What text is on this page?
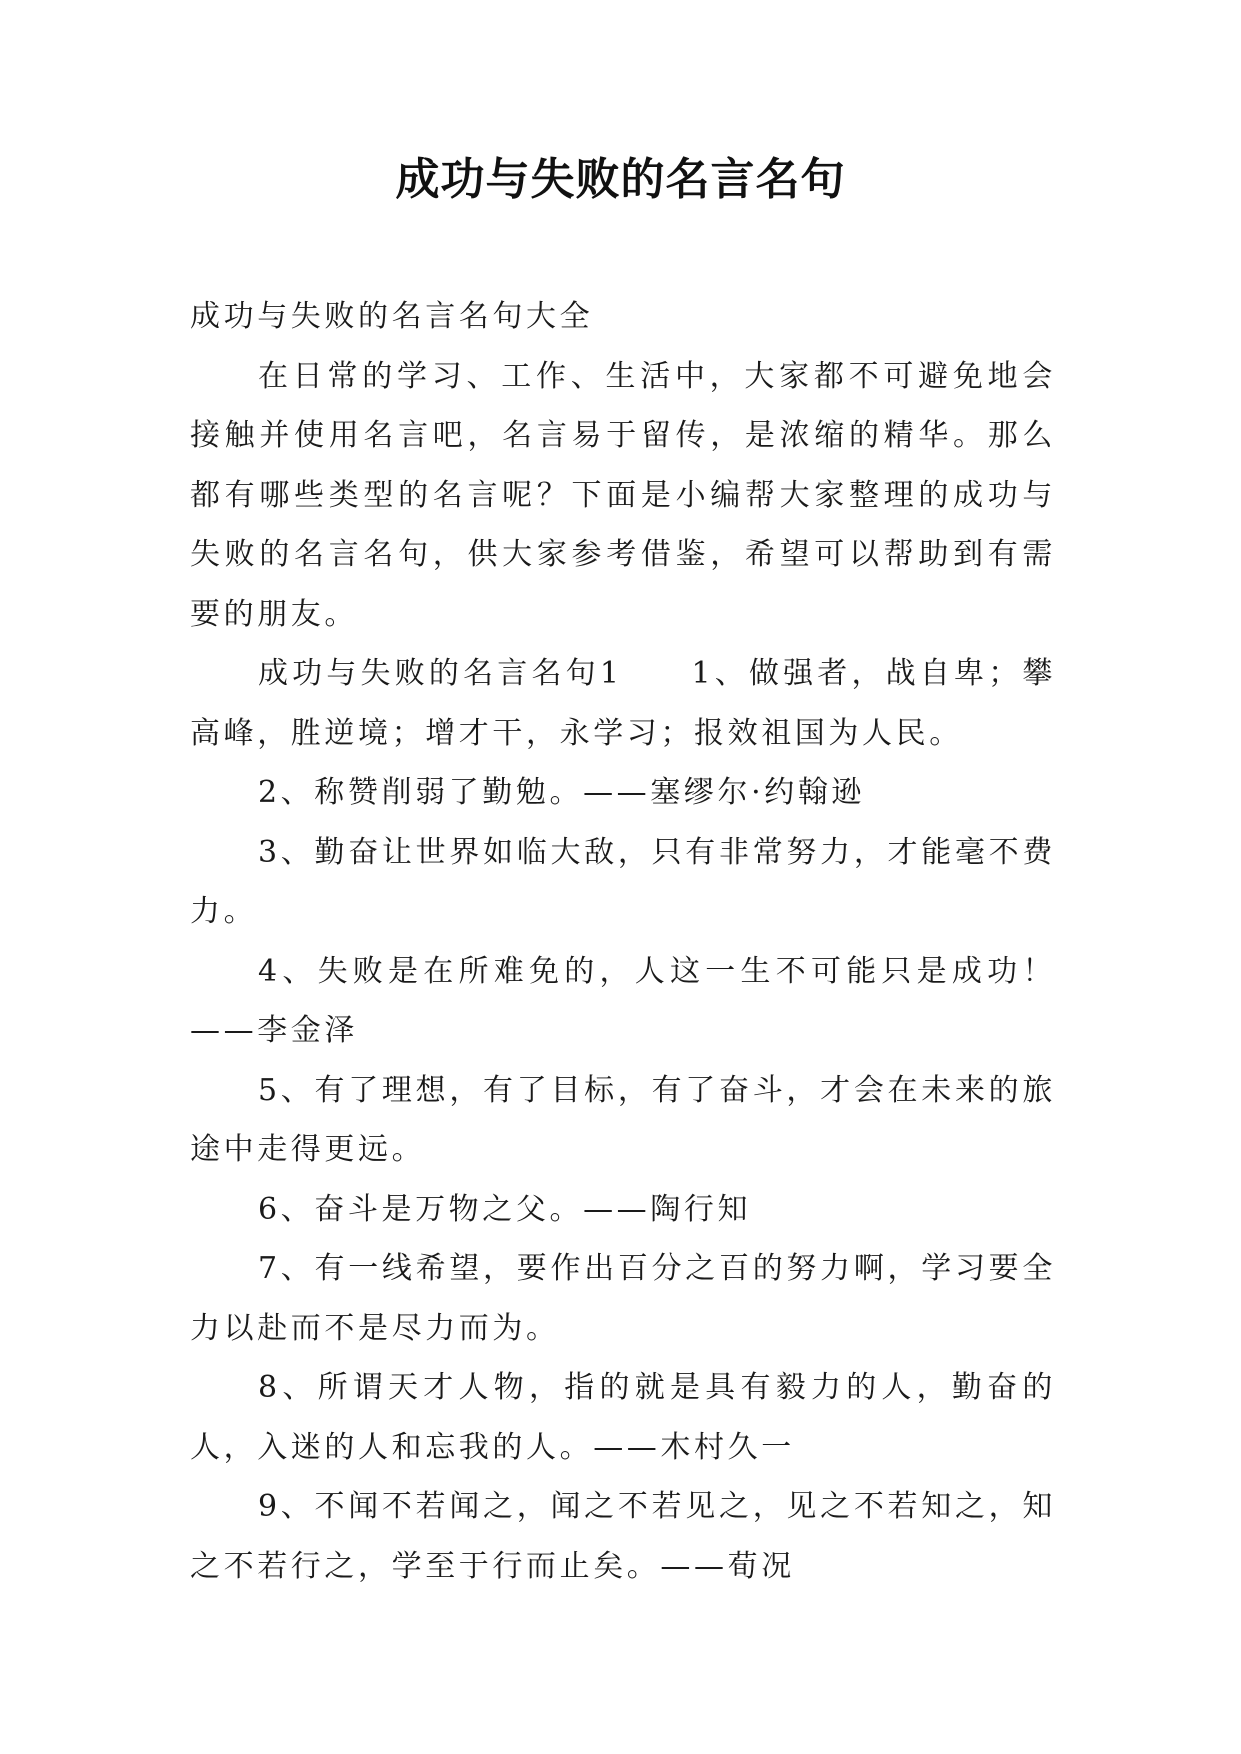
成功与失败的名言名句

成功与失败的名言名句大全

在日常的学习、工作、生活中，大家都不可避免地会接触并使用名言吧，名言易于留传，是浓缩的精华。那么都有哪些类型的名言呢？下面是小编帮大家整理的成功与失败的名言名句，供大家参考借鉴，希望可以帮助到有需要的朋友。

成功与失败的名言名句1　　1、做强者，战自卑；攀高峰，胜逆境；增才干，永学习；报效祖国为人民。

2、称赞削弱了勤勉。——塞缪尔·约翰逊

3、勤奋让世界如临大敌，只有非常努力，才能毫不费力。

4、失败是在所难免的，人这一生不可能只是成功！——李金泽

5、有了理想，有了目标，有了奋斗，才会在未来的旅途中走得更远。

6、奋斗是万物之父。——陶行知

7、有一线希望，要作出百分之百的努力啊，学习要全力以赴而不是尽力而为。

8、所谓天才人物，指的就是具有毅力的人，勤奋的人，入迷的人和忘我的人。——木村久一

9、不闻不若闻之，闻之不若见之，见之不若知之，知之不若行之，学至于行而止矣。——荀况
